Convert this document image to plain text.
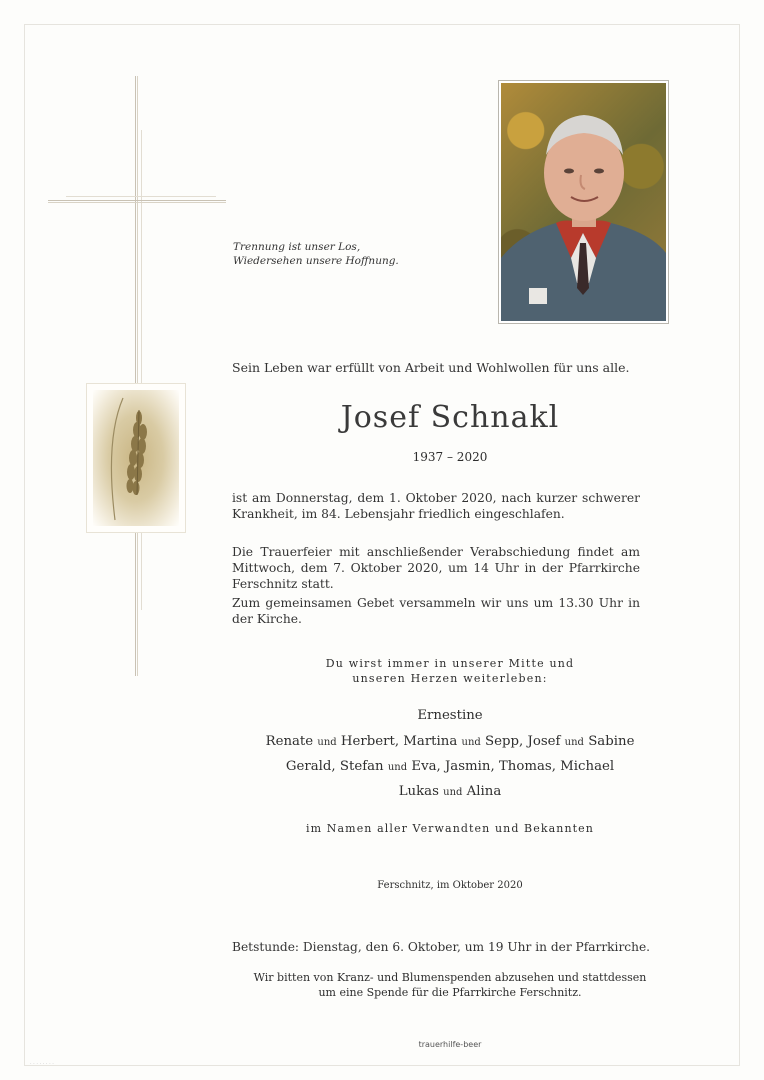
Trennung ist unser Los,
Wiedersehen unsere Hoffnung.
Sein Leben war erfüllt von Arbeit und Wohlwollen für uns alle.
Josef Schnakl
1937 – 2020
ist am Donnerstag, dem 1. Oktober 2020, nach kurzer schwerer Krankheit, im 84. Lebensjahr friedlich eingeschlafen.
Die Trauerfeier mit anschließender Verabschiedung findet am Mittwoch, dem 7. Oktober 2020, um 14 Uhr in der Pfarrkirche Ferschnitz statt.
Zum gemeinsamen Gebet versammeln wir uns um 13.30 Uhr in der Kirche.
Du wirst immer in unserer Mitte und
unseren Herzen weiterleben:
Ernestine
Renate und Herbert, Martina und Sepp, Josef und Sabine
Gerald, Stefan und Eva, Jasmin, Thomas, Michael
Lukas und Alina
im Namen aller Verwandten und Bekannten
Ferschnitz, im Oktober 2020
Betstunde: Dienstag, den 6. Oktober, um 19 Uhr in der Pfarrkirche.
Wir bitten von Kranz- und Blumenspenden abzusehen und stattdessen
um eine Spende für die Pfarrkirche Ferschnitz.
trauerhilfe-beer
· · · · · · · ·
